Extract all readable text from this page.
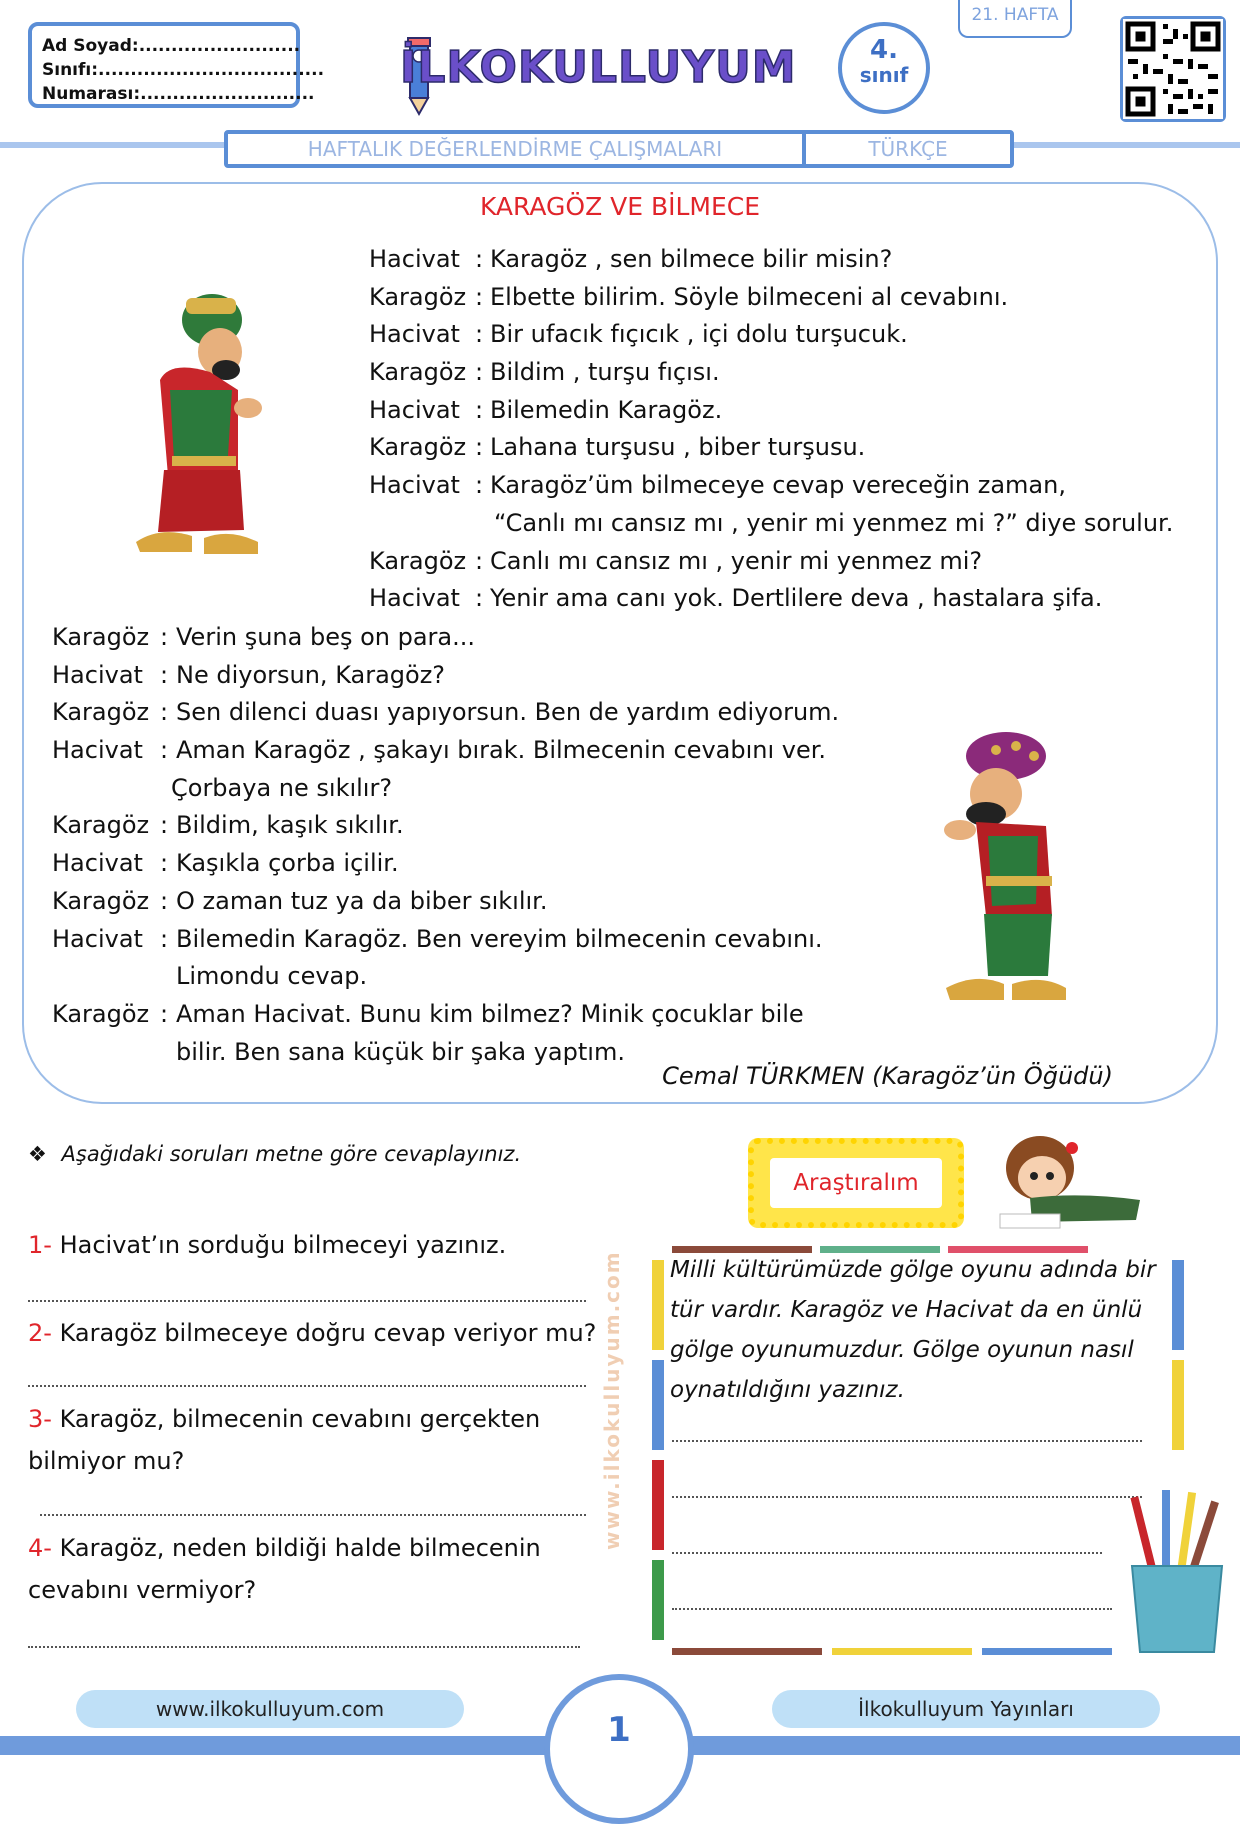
Ad Soyad:.........................
Sınıfı:...................................
Numarası:...........................
İLKOKULLUYUM	4.
sınıf
21. HAFTA
HAFTALIK DEĞERLENDİRME ÇALIŞMALARI	TÜRKÇE
KARAGÖZ VE BİLMECE
Hacivat : Karagöz , sen bilmece bilir misin?
Karagöz : Elbette bilirim. Söyle bilmeceni al cevabını.
Hacivat : Bir ufacık fıçıcık , içi dolu turşucuk.
Karagöz : Bildim , turşu fıçısı.
Hacivat : Bilemedin Karagöz.
Karagöz : Lahana turşusu , biber turşusu.
Hacivat : Karagöz’üm bilmeceye cevap vereceğin zaman,
“Canlı mı cansız mı , yenir mi yenmez mi ?” diye sorulur.
Karagöz : Canlı mı cansız mı , yenir mi yenmez mi?
Hacivat : Yenir ama canı yok. Dertlilere deva , hastalara şifa.
Karagöz : Verin şuna beş on para...
Hacivat : Ne diyorsun, Karagöz?
Karagöz : Sen dilenci duası yapıyorsun. Ben de yardım ediyorum.
Hacivat : Aman Karagöz , şakayı bırak. Bilmecenin cevabını ver.
Çorbaya ne sıkılır?
Karagöz : Bildim, kaşık sıkılır.
Hacivat : Kaşıkla çorba içilir.
Karagöz : O zaman tuz ya da biber sıkılır.
Hacivat : Bilemedin Karagöz. Ben vereyim bilmecenin cevabını.
Limondu cevap.
Karagöz : Aman Hacivat. Bunu kim bilmez? Minik çocuklar bile
bilir. Ben sana küçük bir şaka yaptım.
Cemal TÜRKMEN (Karagöz’ün Öğüdü)
❖ Aşağıdaki soruları metne göre cevaplayınız.
1- Hacivat’ın sorduğu bilmeceyi yazınız.
2- Karagöz bilmeceye doğru cevap veriyor mu?
3- Karagöz, bilmecenin cevabını gerçekten
bilmiyor mu?
4- Karagöz, neden bildiği halde bilmecenin
cevabını vermiyor?
www.ilkokulluyum.com
Araştıralım
Milli kültürümüzde gölge oyunu adında bir tür vardır. Karagöz ve Hacivat da en ünlü gölge oyunumuzdur. Gölge oyunun nasıl oynatıldığını yazınız.
1
www.ilkokulluyum.com	İlkokulluyum Yayınları
